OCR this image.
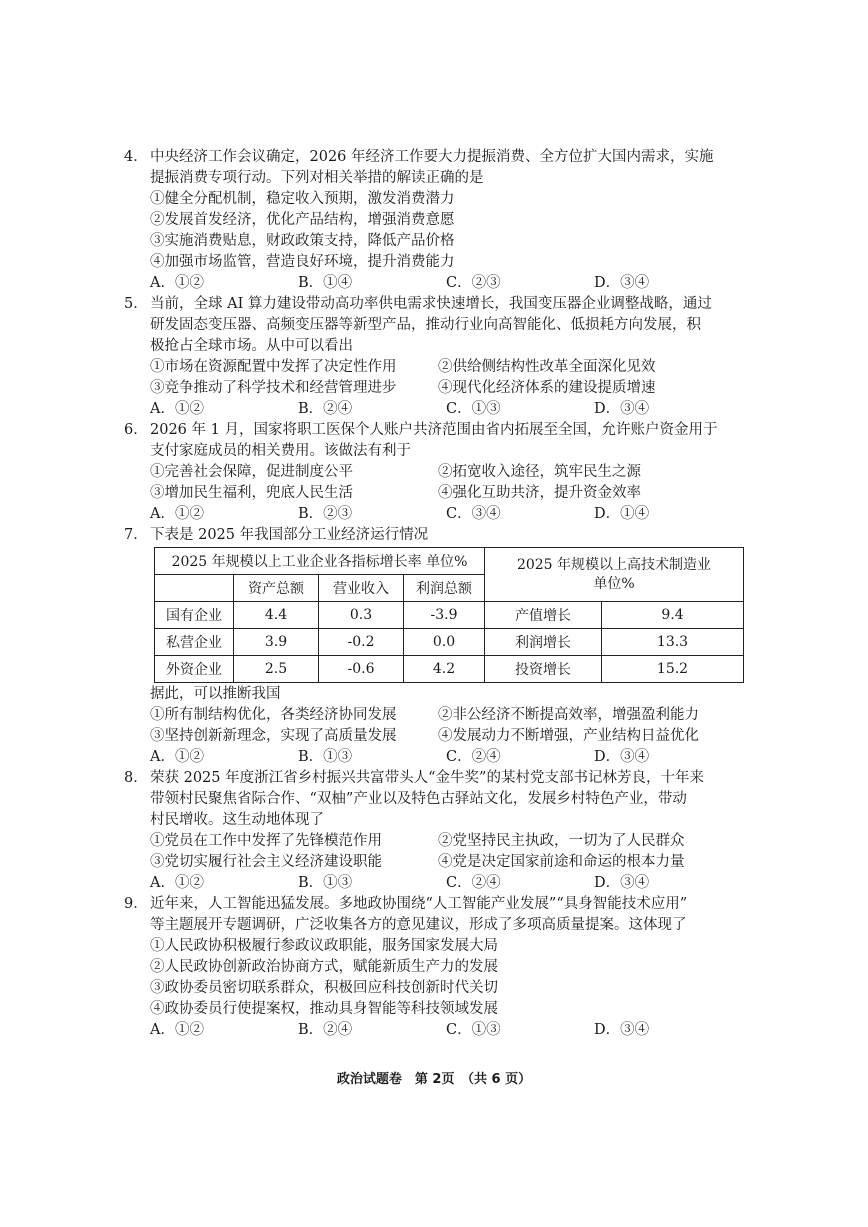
4． 中央经济工作会议确定，2026 年经济工作要大力提振消费、全方位扩大国内需求，实施
提振消费专项行动。下列对相关举措的解读正确的是
①健全分配机制，稳定收入预期，激发消费潜力
②发展首发经济，优化产品结构，增强消费意愿
③实施消费贴息，财政政策支持，降低产品价格
④加强市场监管，营造良好环境，提升消费能力
A．①②	B．①④	C．②③	D．③④
5． 当前，全球 AI 算力建设带动高功率供电需求快速增长，我国变压器企业调整战略，通过
研发固态变压器、高频变压器等新型产品，推动行业向高智能化、低损耗方向发展，积
极抢占全球市场。从中可以看出
①市场在资源配置中发挥了决定性作用	②供给侧结构性改革全面深化见效
③竞争推动了科学技术和经营管理进步	④现代化经济体系的建设提质增速
A．①②	B．②④	C．①③	D．③④
6． 2026 年 1 月，国家将职工医保个人账户共济范围由省内拓展至全国，允许账户资金用于
支付家庭成员的相关费用。该做法有利于
①完善社会保障，促进制度公平	②拓宽收入途径，筑牢民生之源
③增加民生福利，兜底人民生活	④强化互助共济，提升资金效率
A．①②	B．②③	C．③④	D．①④
7． 下表是 2025 年我国部分工业经济运行情况
2025 年规模以上工业企业各指标增长率 单位%				2025 年规模以上高技术制造业
单位%	

	资产总额	营业收入	利润总额		
国有企业	4.4	0.3	-3.9	产值增长	9.4
私营企业	3.9	-0.2	0.0	利润增长	13.3
外资企业	2.5	-0.6	4.2	投资增长	15.2
据此，可以推断我国
①所有制结构优化，各类经济协同发展	②非公经济不断提高效率，增强盈利能力
③坚持创新新理念，实现了高质量发展	④发展动力不断增强，产业结构日益优化
A．①②	B．①③	C．②④	D．③④
8． 荣获 2025 年度浙江省乡村振兴共富带头人“金牛奖”的某村党支部书记林芳良，十年来
带领村民聚焦省际合作、“双柚”产业以及特色古驿站文化，发展乡村特色产业，带动
村民增收。这生动地体现了
①党员在工作中发挥了先锋模范作用	②党坚持民主执政，一切为了人民群众
③党切实履行社会主义经济建设职能	④党是决定国家前途和命运的根本力量
A．①②	B．①③	C．②④	D．③④
9． 近年来，人工智能迅猛发展。多地政协围绕“人工智能产业发展”“具身智能技术应用”
等主题展开专题调研，广泛收集各方的意见建议，形成了多项高质量提案。这体现了
①人民政协积极履行参政议政职能，服务国家发展大局
②人民政协创新政治协商方式，赋能新质生产力的发展
③政协委员密切联系群众，积极回应科技创新时代关切
④政协委员行使提案权，推动具身智能等科技领域发展
A．①②	B．②④	C．①③	D．③④
政治试题卷　第 2页　（共 6 页）
